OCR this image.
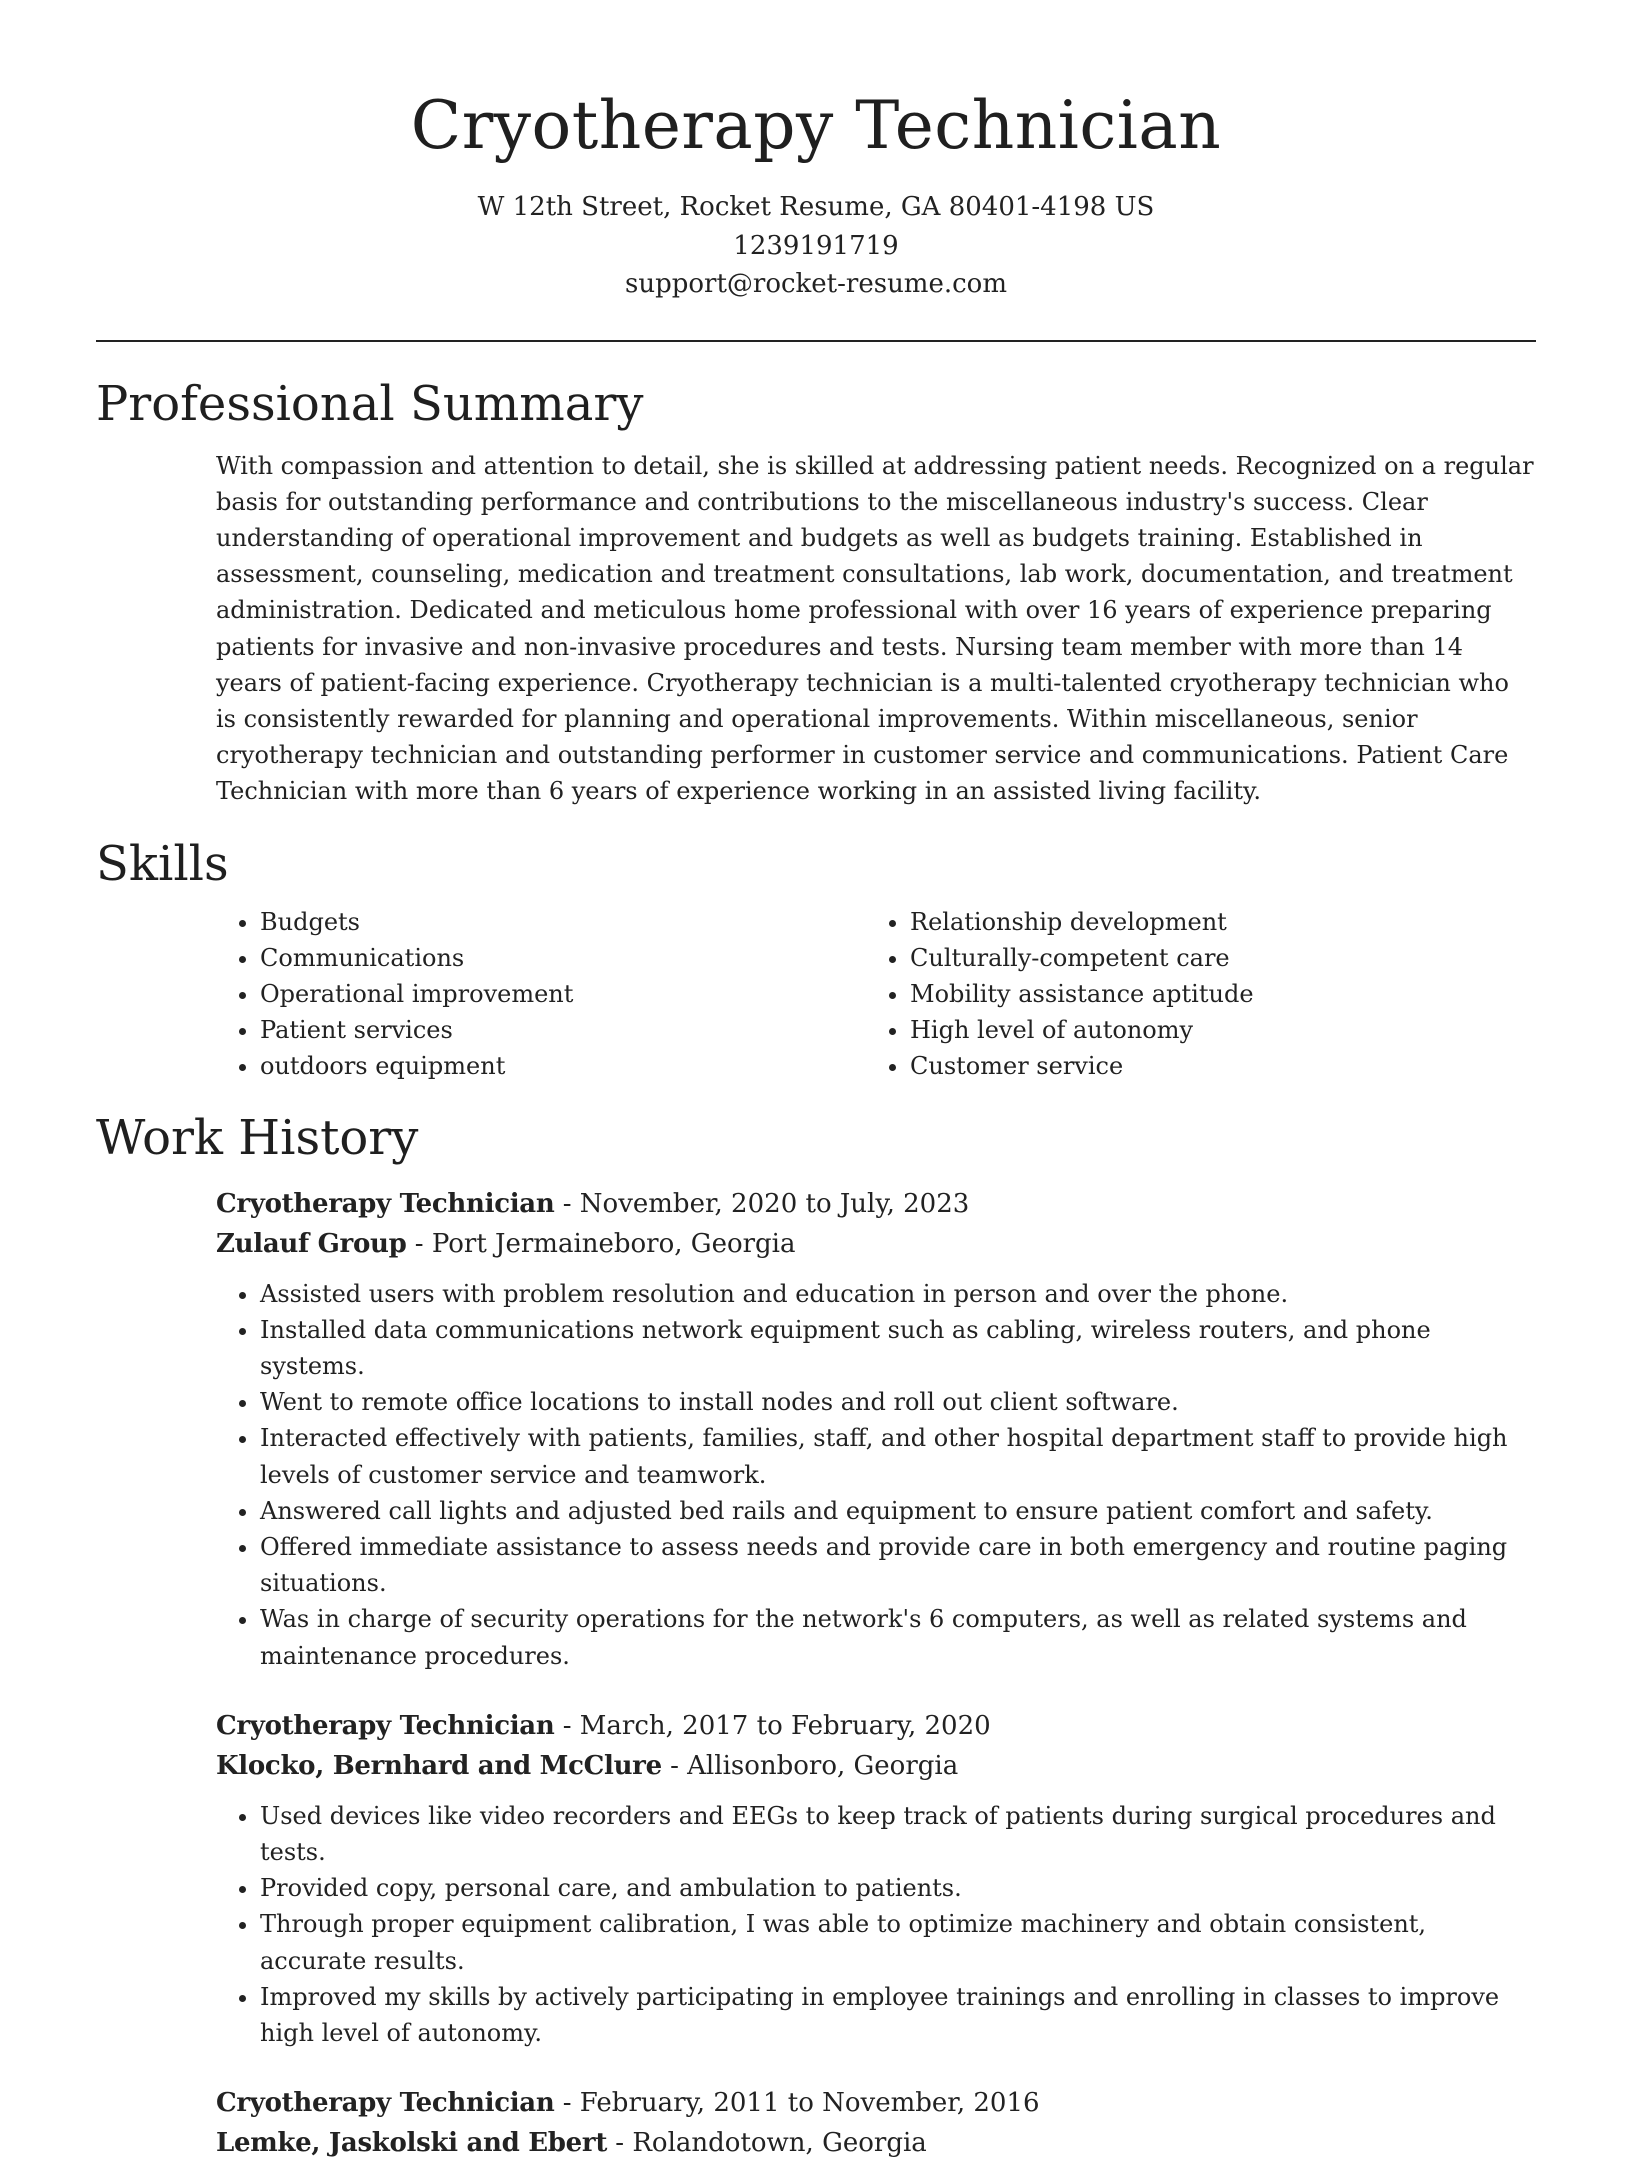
Cryotherapy Technician
W 12th Street, Rocket Resume, GA 80401-4198 US
1239191719
support@rocket-resume.com
Professional Summary

With compassion and attention to detail, she is skilled at addressing patient needs. Recognized on a regular basis for outstanding performance and contributions to the miscellaneous industry's success. Clear understanding of operational improvement and budgets as well as budgets training. Established in assessment, counseling, medication and treatment consultations, lab work, documentation, and treatment administration. Dedicated and meticulous home professional with over 16 years of experience preparing patients for invasive and non-invasive procedures and tests. Nursing team member with more than 14 years of patient-facing experience. Cryotherapy technician is a multi-talented cryotherapy technician who is consistently rewarded for planning and operational improvements. Within miscellaneous, senior cryotherapy technician and outstanding performer in customer service and communications. Patient Care Technician with more than 6 years of experience working in an assisted living facility.

Skills
• Budgets
• Communications
• Operational improvement
• Patient services
• outdoors equipment
• Relationship development
• Culturally-competent care
• Mobility assistance aptitude
• High level of autonomy
• Customer service
Work History
Cryotherapy Technician - November, 2020 to July, 2023
Zulauf Group - Port Jermaineboro, Georgia
• Assisted users with problem resolution and education in person and over the phone.
• Installed data communications network equipment such as cabling, wireless routers, and phone systems.
• Went to remote office locations to install nodes and roll out client software.
• Interacted effectively with patients, families, staff, and other hospital department staff to provide high levels of customer service and teamwork.
• Answered call lights and adjusted bed rails and equipment to ensure patient comfort and safety.
• Offered immediate assistance to assess needs and provide care in both emergency and routine paging situations.
• Was in charge of security operations for the network's 6 computers, as well as related systems and maintenance procedures.
Cryotherapy Technician - March, 2017 to February, 2020
Klocko, Bernhard and McClure - Allisonboro, Georgia
• Used devices like video recorders and EEGs to keep track of patients during surgical procedures and tests.
• Provided copy, personal care, and ambulation to patients.
• Through proper equipment calibration, I was able to optimize machinery and obtain consistent, accurate results.
• Improved my skills by actively participating in employee trainings and enrolling in classes to improve high level of autonomy.
Cryotherapy Technician - February, 2011 to November, 2016
Lemke, Jaskolski and Ebert - Rolandotown, Georgia
